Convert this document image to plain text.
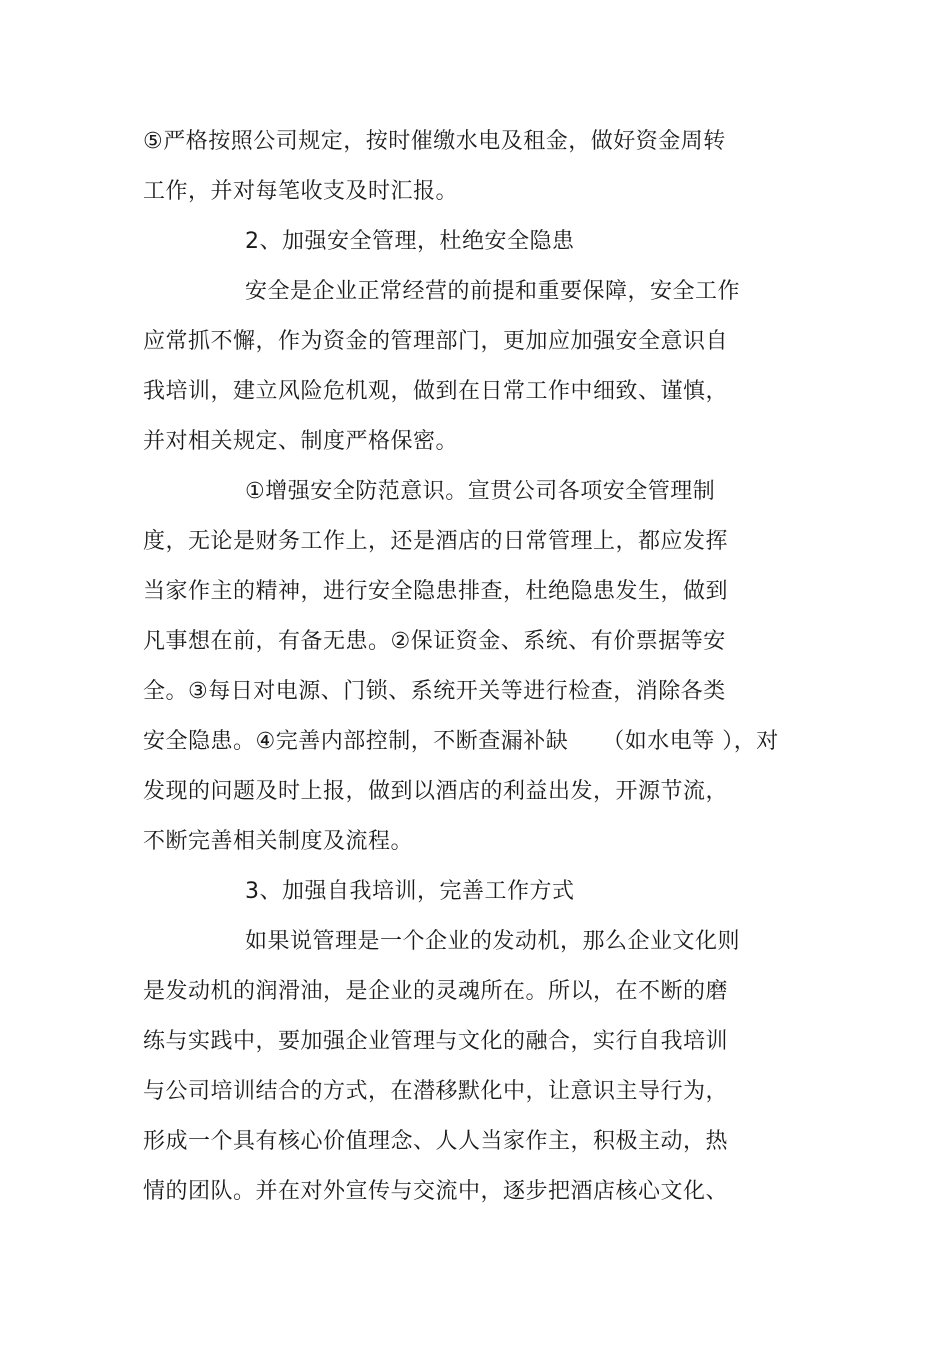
⑤严格按照公司规定，按时催缴水电及租金，做好资金周转
工作，并对每笔收支及时汇报。
2、加强安全管理，杜绝安全隐患
安全是企业正常经营的前提和重要保障，安全工作
应常抓不懈，作为资金的管理部门，更加应加强安全意识自
我培训，建立风险危机观，做到在日常工作中细致、谨慎，
并对相关规定、制度严格保密。
①增强安全防范意识。宣贯公司各项安全管理制
度，无论是财务工作上，还是酒店的日常管理上，都应发挥
当家作主的精神，进行安全隐患排查，杜绝隐患发生，做到
凡事想在前，有备无患。②保证资金、系统、有价票据等安
全。③每日对电源、门锁、系统开关等进行检查，消除各类
安全隐患。④完善内部控制，不断查漏补缺　　（如水电等 ），对
发现的问题及时上报，做到以酒店的利益出发，开源节流，
不断完善相关制度及流程。
3、加强自我培训，完善工作方式
如果说管理是一个企业的发动机，那么企业文化则
是发动机的润滑油，是企业的灵魂所在。所以，在不断的磨
练与实践中，要加强企业管理与文化的融合，实行自我培训
与公司培训结合的方式，在潜移默化中，让意识主导行为，
形成一个具有核心价值理念、人人当家作主，积极主动，热
情的团队。并在对外宣传与交流中，逐步把酒店核心文化、
